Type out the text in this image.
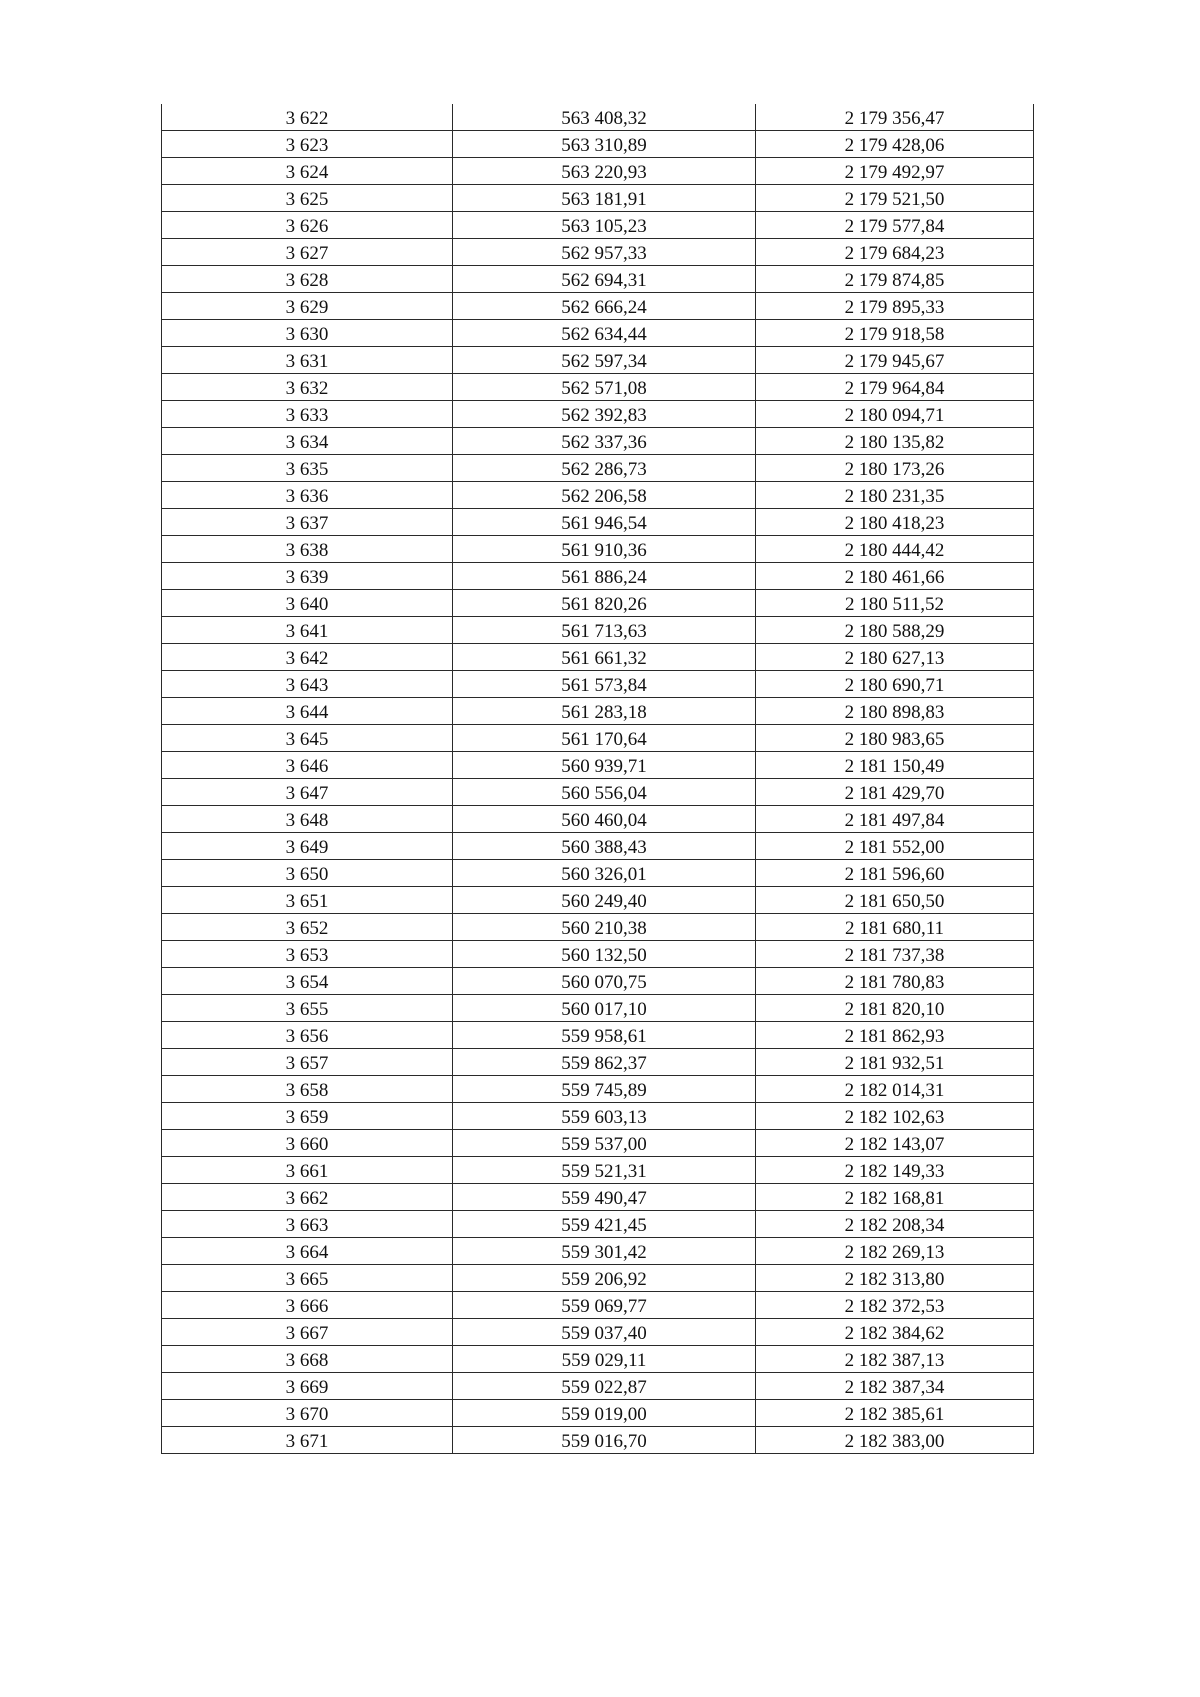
3 622	563 408,32	2 179 356,47
3 623	563 310,89	2 179 428,06
3 624	563 220,93	2 179 492,97
3 625	563 181,91	2 179 521,50
3 626	563 105,23	2 179 577,84
3 627	562 957,33	2 179 684,23
3 628	562 694,31	2 179 874,85
3 629	562 666,24	2 179 895,33
3 630	562 634,44	2 179 918,58
3 631	562 597,34	2 179 945,67
3 632	562 571,08	2 179 964,84
3 633	562 392,83	2 180 094,71
3 634	562 337,36	2 180 135,82
3 635	562 286,73	2 180 173,26
3 636	562 206,58	2 180 231,35
3 637	561 946,54	2 180 418,23
3 638	561 910,36	2 180 444,42
3 639	561 886,24	2 180 461,66
3 640	561 820,26	2 180 511,52
3 641	561 713,63	2 180 588,29
3 642	561 661,32	2 180 627,13
3 643	561 573,84	2 180 690,71
3 644	561 283,18	2 180 898,83
3 645	561 170,64	2 180 983,65
3 646	560 939,71	2 181 150,49
3 647	560 556,04	2 181 429,70
3 648	560 460,04	2 181 497,84
3 649	560 388,43	2 181 552,00
3 650	560 326,01	2 181 596,60
3 651	560 249,40	2 181 650,50
3 652	560 210,38	2 181 680,11
3 653	560 132,50	2 181 737,38
3 654	560 070,75	2 181 780,83
3 655	560 017,10	2 181 820,10
3 656	559 958,61	2 181 862,93
3 657	559 862,37	2 181 932,51
3 658	559 745,89	2 182 014,31
3 659	559 603,13	2 182 102,63
3 660	559 537,00	2 182 143,07
3 661	559 521,31	2 182 149,33
3 662	559 490,47	2 182 168,81
3 663	559 421,45	2 182 208,34
3 664	559 301,42	2 182 269,13
3 665	559 206,92	2 182 313,80
3 666	559 069,77	2 182 372,53
3 667	559 037,40	2 182 384,62
3 668	559 029,11	2 182 387,13
3 669	559 022,87	2 182 387,34
3 670	559 019,00	2 182 385,61
3 671	559 016,70	2 182 383,00
